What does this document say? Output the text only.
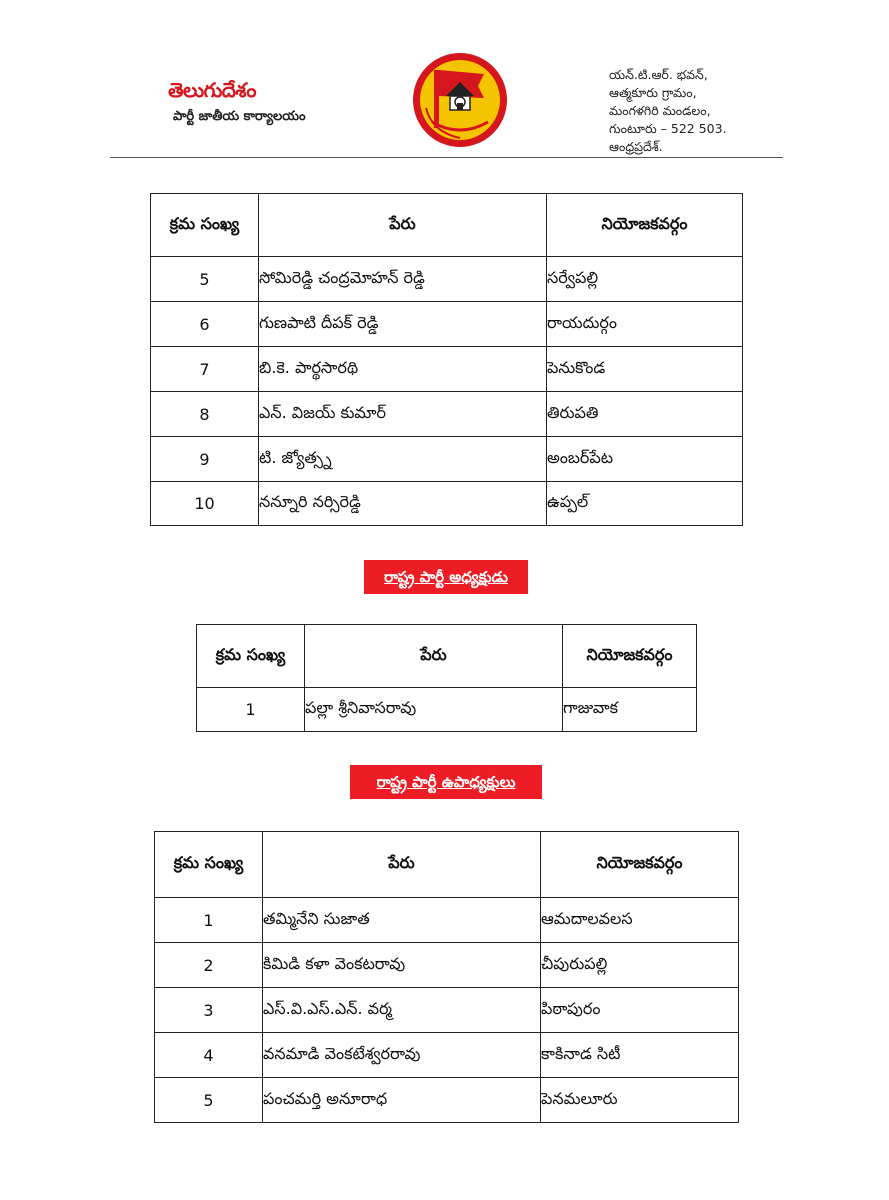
తెలుగుదేశం
పార్టీ జాతీయ కార్యాలయం
యన్.టి.ఆర్. భవన్,
ఆత్మకూరు గ్రామం,
మంగళగిరి మండలం,
గుంటూరు – 522 503.
ఆంధ్రప్రదేశ్.
క్రమ సంఖ్య	పేరు	నియోజకవర్గం
5	సోమిరెడ్డి చంద్రమోహన్ రెడ్డి	సర్వేపల్లి
6	గుణపాటి దీపక్ రెడ్డి	రాయదుర్గం
7	బి.కె. పార్థసారథి	పెనుకొండ
8	ఎన్. విజయ్ కుమార్	తిరుపతి
9	టి. జ్యోత్స్న	అంబర్‌పేట
10	నన్నూరి నర్సిరెడ్డి	ఉప్పల్
రాష్ట్ర పార్టీ అధ్యక్షుడు
క్రమ సంఖ్య	పేరు	నియోజకవర్గం
1	పల్లా శ్రీనివాసరావు	గాజువాక
రాష్ట్ర పార్టీ ఉపాధ్యక్షులు
క్రమ సంఖ్య	పేరు	నియోజకవర్గం
1	తమ్మినేని సుజాత	ఆమదాలవలస
2	కిమిడి కళా వెంకటరావు	చీపురుపల్లి
3	ఎస్.వి.ఎస్.ఎన్. వర్మ	పిఠాపురం
4	వనమాడి వెంకటేశ్వరరావు	కాకినాడ సిటీ
5	పంచమర్తి అనూరాధ	పెనమలూరు
